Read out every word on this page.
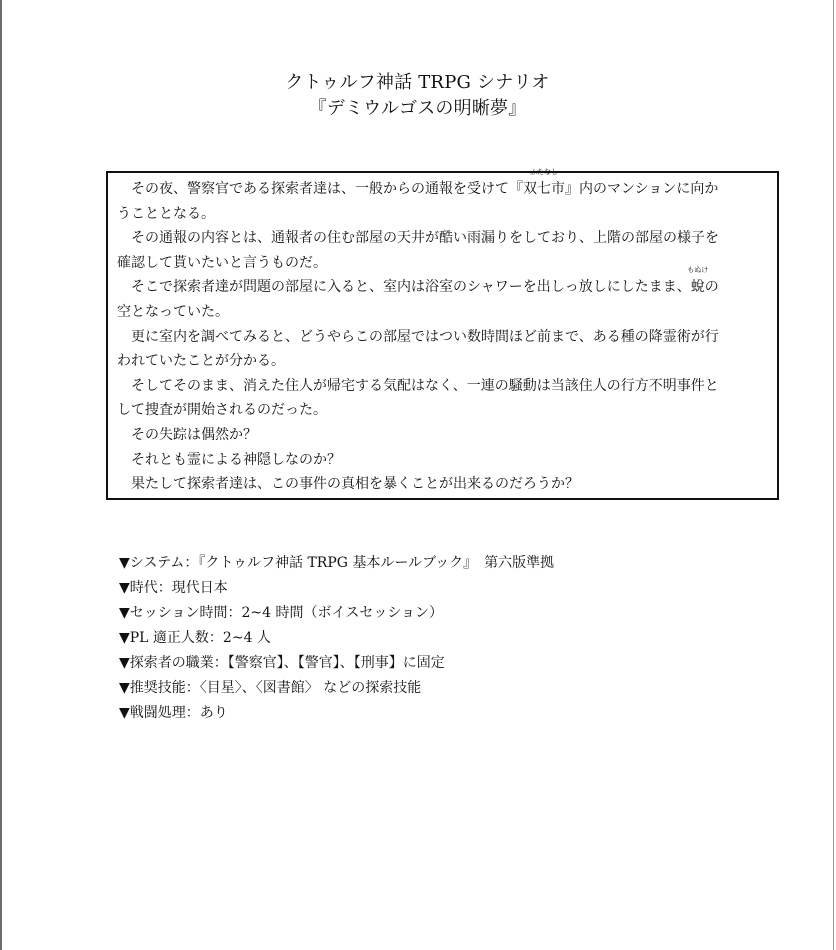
クトゥルフ神話 TRPG シナリオ
『デミウルゴスの明晰夢』
　その夜、警察官である探索者達は、一般からの通報を受けて『
ふたなし
双七市』内のマンションに向か
うこととなる。
　その通報の内容とは、通報者の住む部屋の天井が酷い雨漏りをしており、上階の部屋の様子を
確認して貰いたいと言うものだ。
　そこで探索者達が問題の部屋に入ると、室内は浴室のシャワーを出しっ放しにしたまま、
もぬけ
蛻の
空となっていた。
　更に室内を調べてみると、どうやらこの部屋ではつい数時間ほど前まで、ある種の降霊術が行
われていたことが分かる。
　そしてそのまま、消えた住人が帰宅する気配はなく、一連の騒動は当該住人の行方不明事件と
して捜査が開始されるのだった。
　その失踪は偶然か？
　それとも霊による神隠しなのか？
　果たして探索者達は、この事件の真相を暴くことが出来るのだろうか？
▼システム：『クトゥルフ神話 TRPG 基本ルールブック』　第六版準拠
▼時代：現代日本
▼セッション時間：2~4 時間（ボイスセッション）
▼PL 適正人数：2~4 人
▼探索者の職業：【警察官】、【警官】、【刑事】に固定
▼推奨技能：〈目星〉、〈図書館〉 などの探索技能
▼戦闘処理：あり
